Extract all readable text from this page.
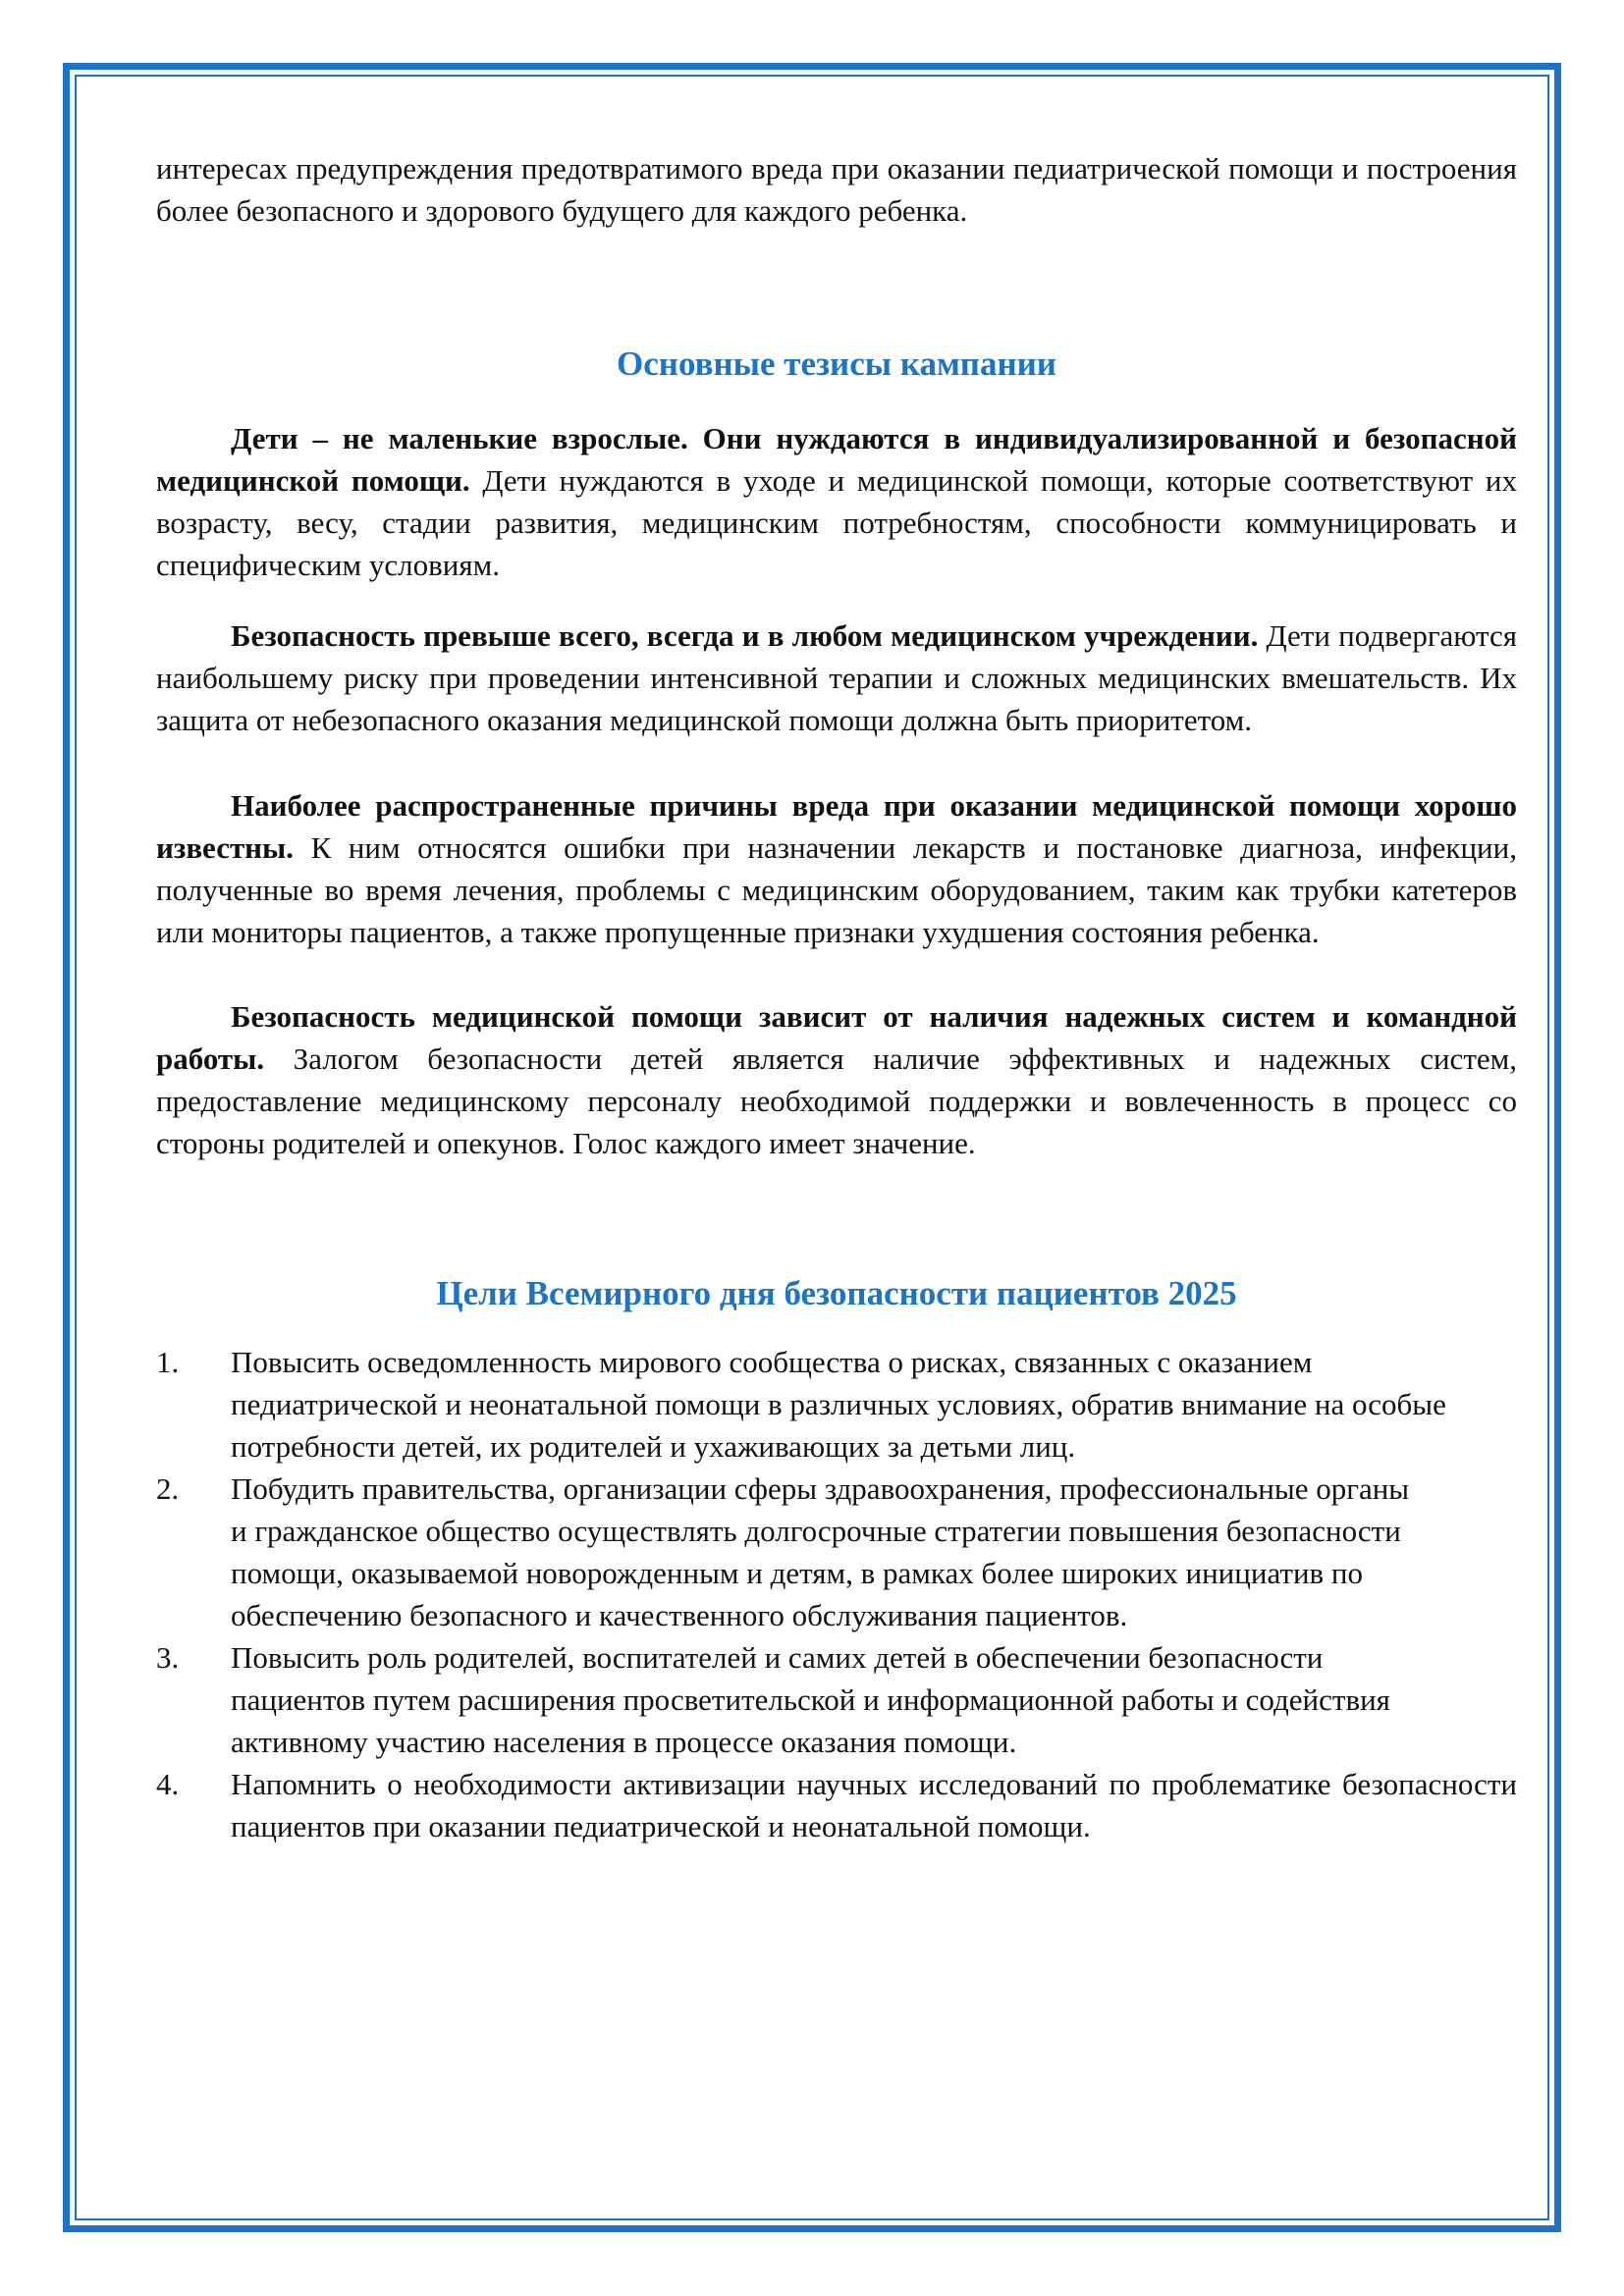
интересах предупреждения предотвратимого вреда при оказании педиатрической помощи и построения более безопасного и здорового будущего для каждого ребенка.

Основные тезисы кампании

Дети – не маленькие взрослые. Они нуждаются в индивидуализированной и безопасной медицинской помощи. Дети нуждаются в уходе и медицинской помощи, которые соответствуют их возрасту, весу, стадии развития, медицинским потребностям, способности коммуницировать и специфическим условиям.

Безопасность превыше всего, всегда и в любом медицинском учреждении. Дети подвергаются наибольшему риску при проведении интенсивной терапии и сложных медицинских вмешательств. Их защита от небезопасного оказания медицинской помощи должна быть приоритетом.

Наиболее распространенные причины вреда при оказании медицинской помощи хорошо известны. К ним относятся ошибки при назначении лекарств и постановке диагноза, инфекции, полученные во время лечения, проблемы с медицинским оборудованием, таким как трубки катетеров или мониторы пациентов, а также пропущенные признаки ухудшения состояния ребенка.

Безопасность медицинской помощи зависит от наличия надежных систем и командной работы. Залогом безопасности детей является наличие эффективных и надежных систем, предоставление медицинскому персоналу необходимой поддержки и вовлеченность в процесс со стороны родителей и опекунов. Голос каждого имеет значение.

Цели Всемирного дня безопасности пациентов 2025
1.	Повысить осведомленность мирового сообщества о рисках, связанных с оказанием
педиатрической и неонатальной помощи в различных условиях, обратив внимание на особые
потребности детей, их родителей и ухаживающих за детьми лиц.
2.	Побудить правительства, организации сферы здравоохранения, профессиональные органы
и гражданское общество осуществлять долгосрочные стратегии повышения безопасности
помощи, оказываемой новорожденным и детям, в рамках более широких инициатив по
обеспечению безопасного и качественного обслуживания пациентов.
3.	Повысить роль родителей, воспитателей и самих детей в обеспечении безопасности
пациентов путем расширения просветительской и информационной работы и содействия
активному участию населения в процессе оказания помощи.
4.	Напомнить о необходимости активизации научных исследований по проблематике безопасности пациентов при оказании педиатрической и неонатальной помощи.
